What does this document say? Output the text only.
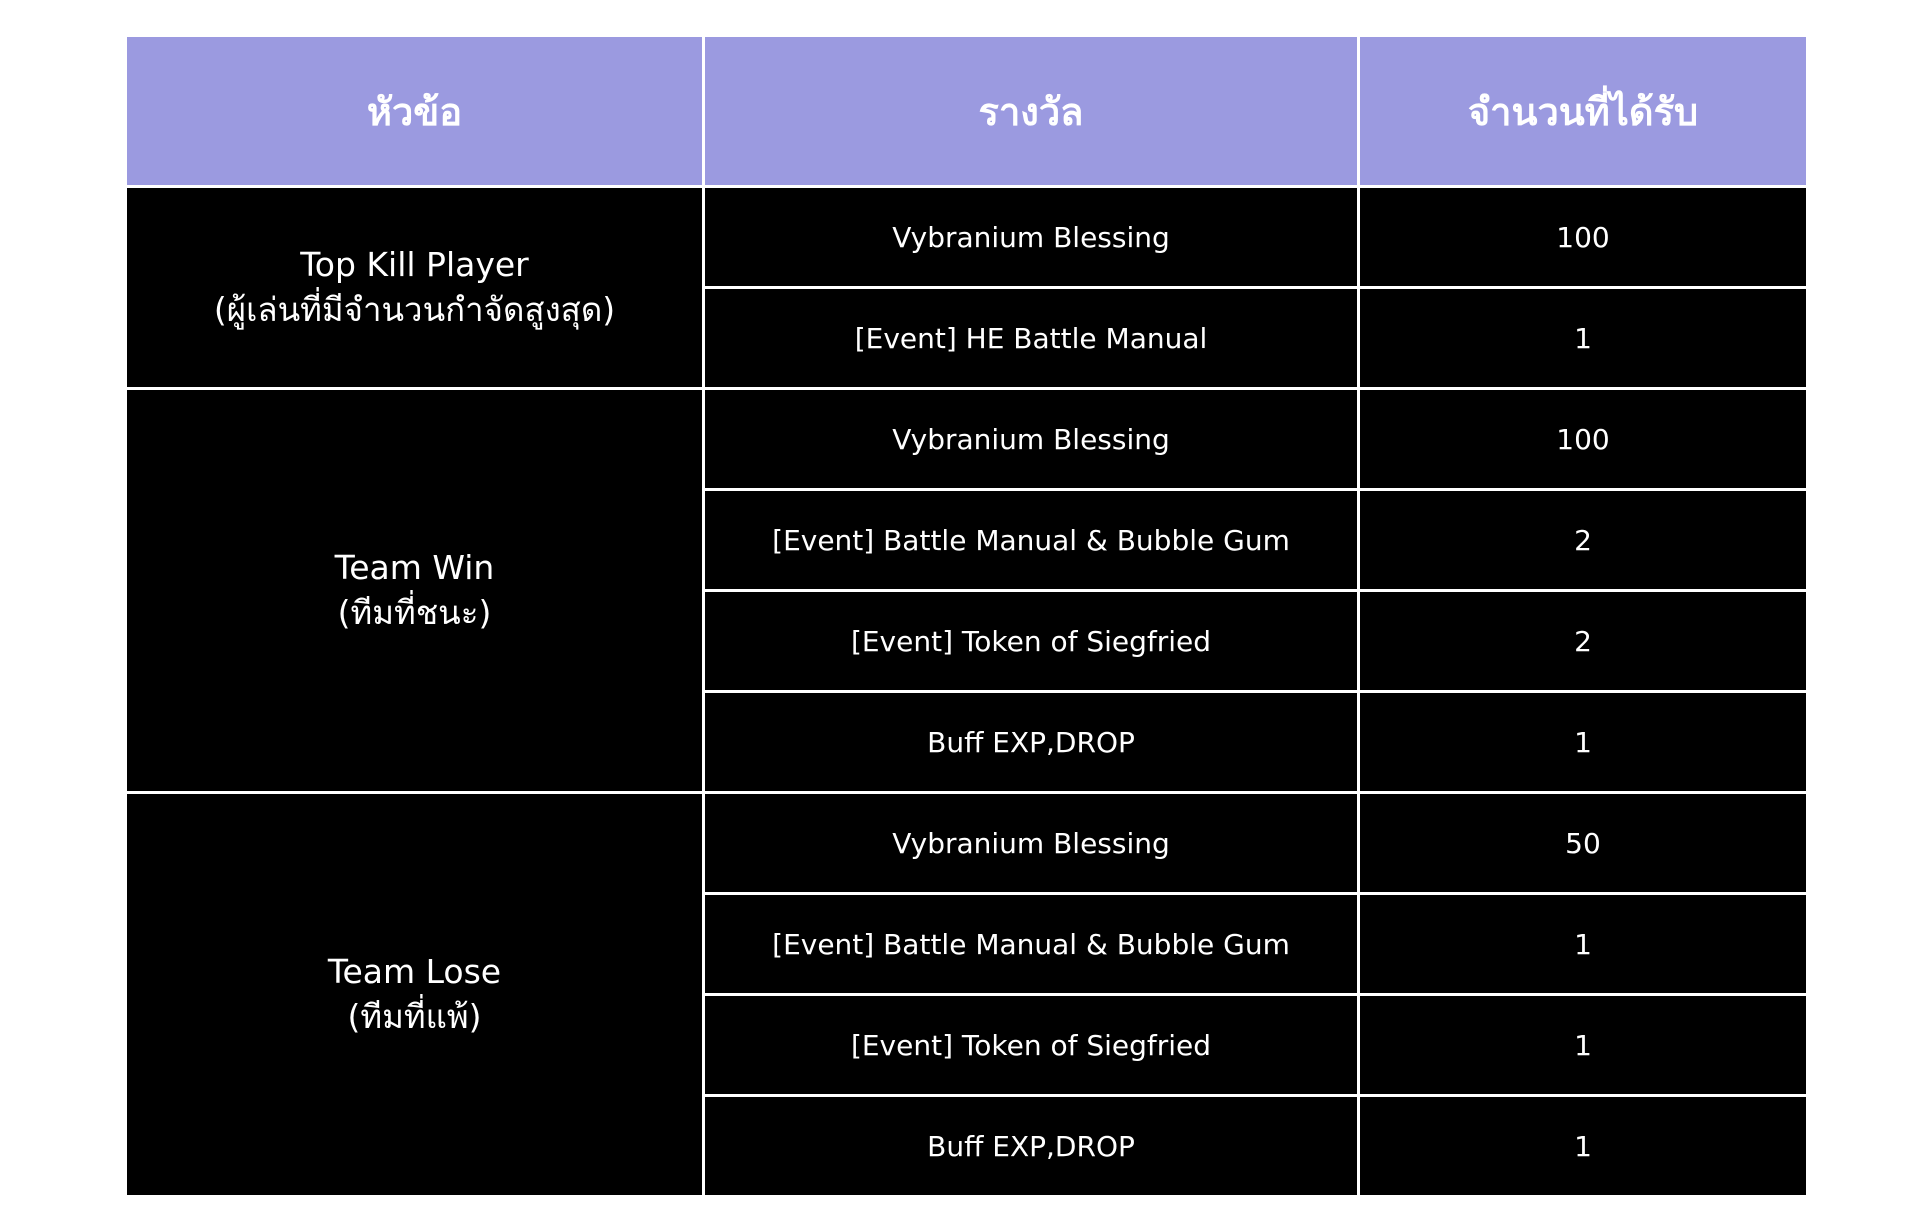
หัวข้อ	รางวัล	จำนวนที่ได้รับ

Top Kill Player
(ผู้เล่นที่มีจำนวนกำจัดสูงสุด)	Vybranium Blessing	100
	[Event] HE Battle Manual	1

Team Win
(ทีมที่ชนะ)	Vybranium Blessing	100
	[Event] Battle Manual & Bubble Gum	2
	[Event] Token of Siegfried	2
	Buff EXP,DROP	1

Team Lose
(ทีมที่แพ้)	Vybranium Blessing	50
	[Event] Battle Manual & Bubble Gum	1
	[Event] Token of Siegfried	1
	Buff EXP,DROP	1
